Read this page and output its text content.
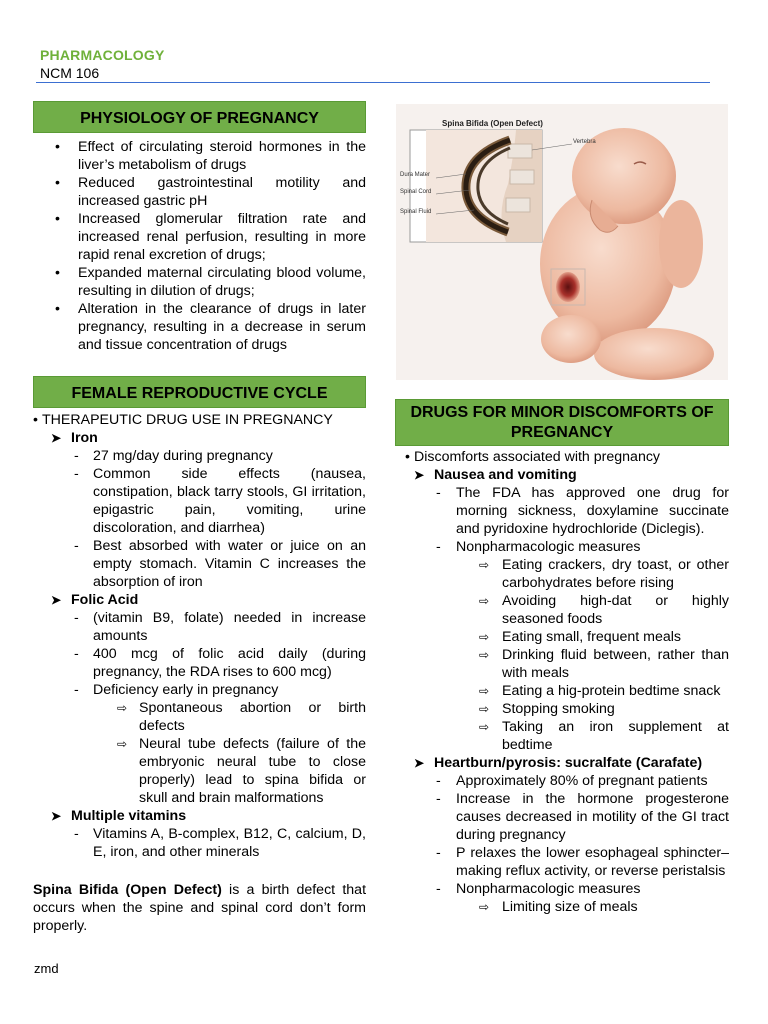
PHARMACOLOGY
NCM 106
PHYSIOLOGY OF PREGNANCY
• Effect of circulating steroid hormones in the liver’s metabolism of drugs
• Reduced gastrointestinal motility and increased gastric pH
• Increased glomerular filtration rate and increased renal perfusion, resulting in more rapid renal excretion of drugs;
• Expanded maternal circulating blood volume, resulting in dilution of drugs;
• Alteration in the clearance of drugs in later pregnancy, resulting in a decrease in serum and tissue concentration of drugs
Spina Bifida (Open Defect)
Vertebra
Dura Mater
Spinal Cord
Spinal Fluid
FEMALE REPRODUCTIVE CYCLE
• THERAPEUTIC DRUG USE IN PREGNANCY
➤ Iron
- 27 mg/day during pregnancy
- Common side effects (nausea, constipation, black tarry stools, GI irritation, epigastric pain, vomiting, urine discoloration, and diarrhea)
- Best absorbed with water or juice on an empty stomach. Vitamin C increases the absorption of iron
➤ Folic Acid
- (vitamin B9, folate) needed in increase amounts
- 400 mcg of folic acid daily (during pregnancy, the RDA rises to 600 mcg)
- Deficiency early in pregnancy
⇨ Spontaneous abortion or birth defects
⇨ Neural tube defects (failure of the embryonic neural tube to close properly) lead to spina bifida or skull and brain malformations
➤ Multiple vitamins
- Vitamins A, B-complex, B12, C, calcium, D, E, iron, and other minerals
Spina Bifida (Open Defect) is a birth defect that occurs when the spine and spinal cord don’t form properly.
DRUGS FOR MINOR DISCOMFORTS OF PREGNANCY
• Discomforts associated with pregnancy
➤ Nausea and vomiting
- The FDA has approved one drug for morning sickness, doxylamine succinate and pyridoxine hydrochloride (Diclegis).
- Nonpharmacologic measures
⇨ Eating crackers, dry toast, or other carbohydrates before rising
⇨ Avoiding high-dat or highly seasoned foods
⇨ Eating small, frequent meals
⇨ Drinking fluid between, rather than with meals
⇨ Eating a hig-protein bedtime snack
⇨ Stopping smoking
⇨ Taking an iron supplement at bedtime
➤ Heartburn/pyrosis: sucralfate (Carafate)
- Approximately 80% of pregnant patients
- Increase in the hormone progesterone causes decreased in motility of the GI tract during pregnancy
- P relaxes the lower esophageal sphincter–making reflux activity, or reverse peristalsis
- Nonpharmacologic measures
⇨ Limiting size of meals
zmd
